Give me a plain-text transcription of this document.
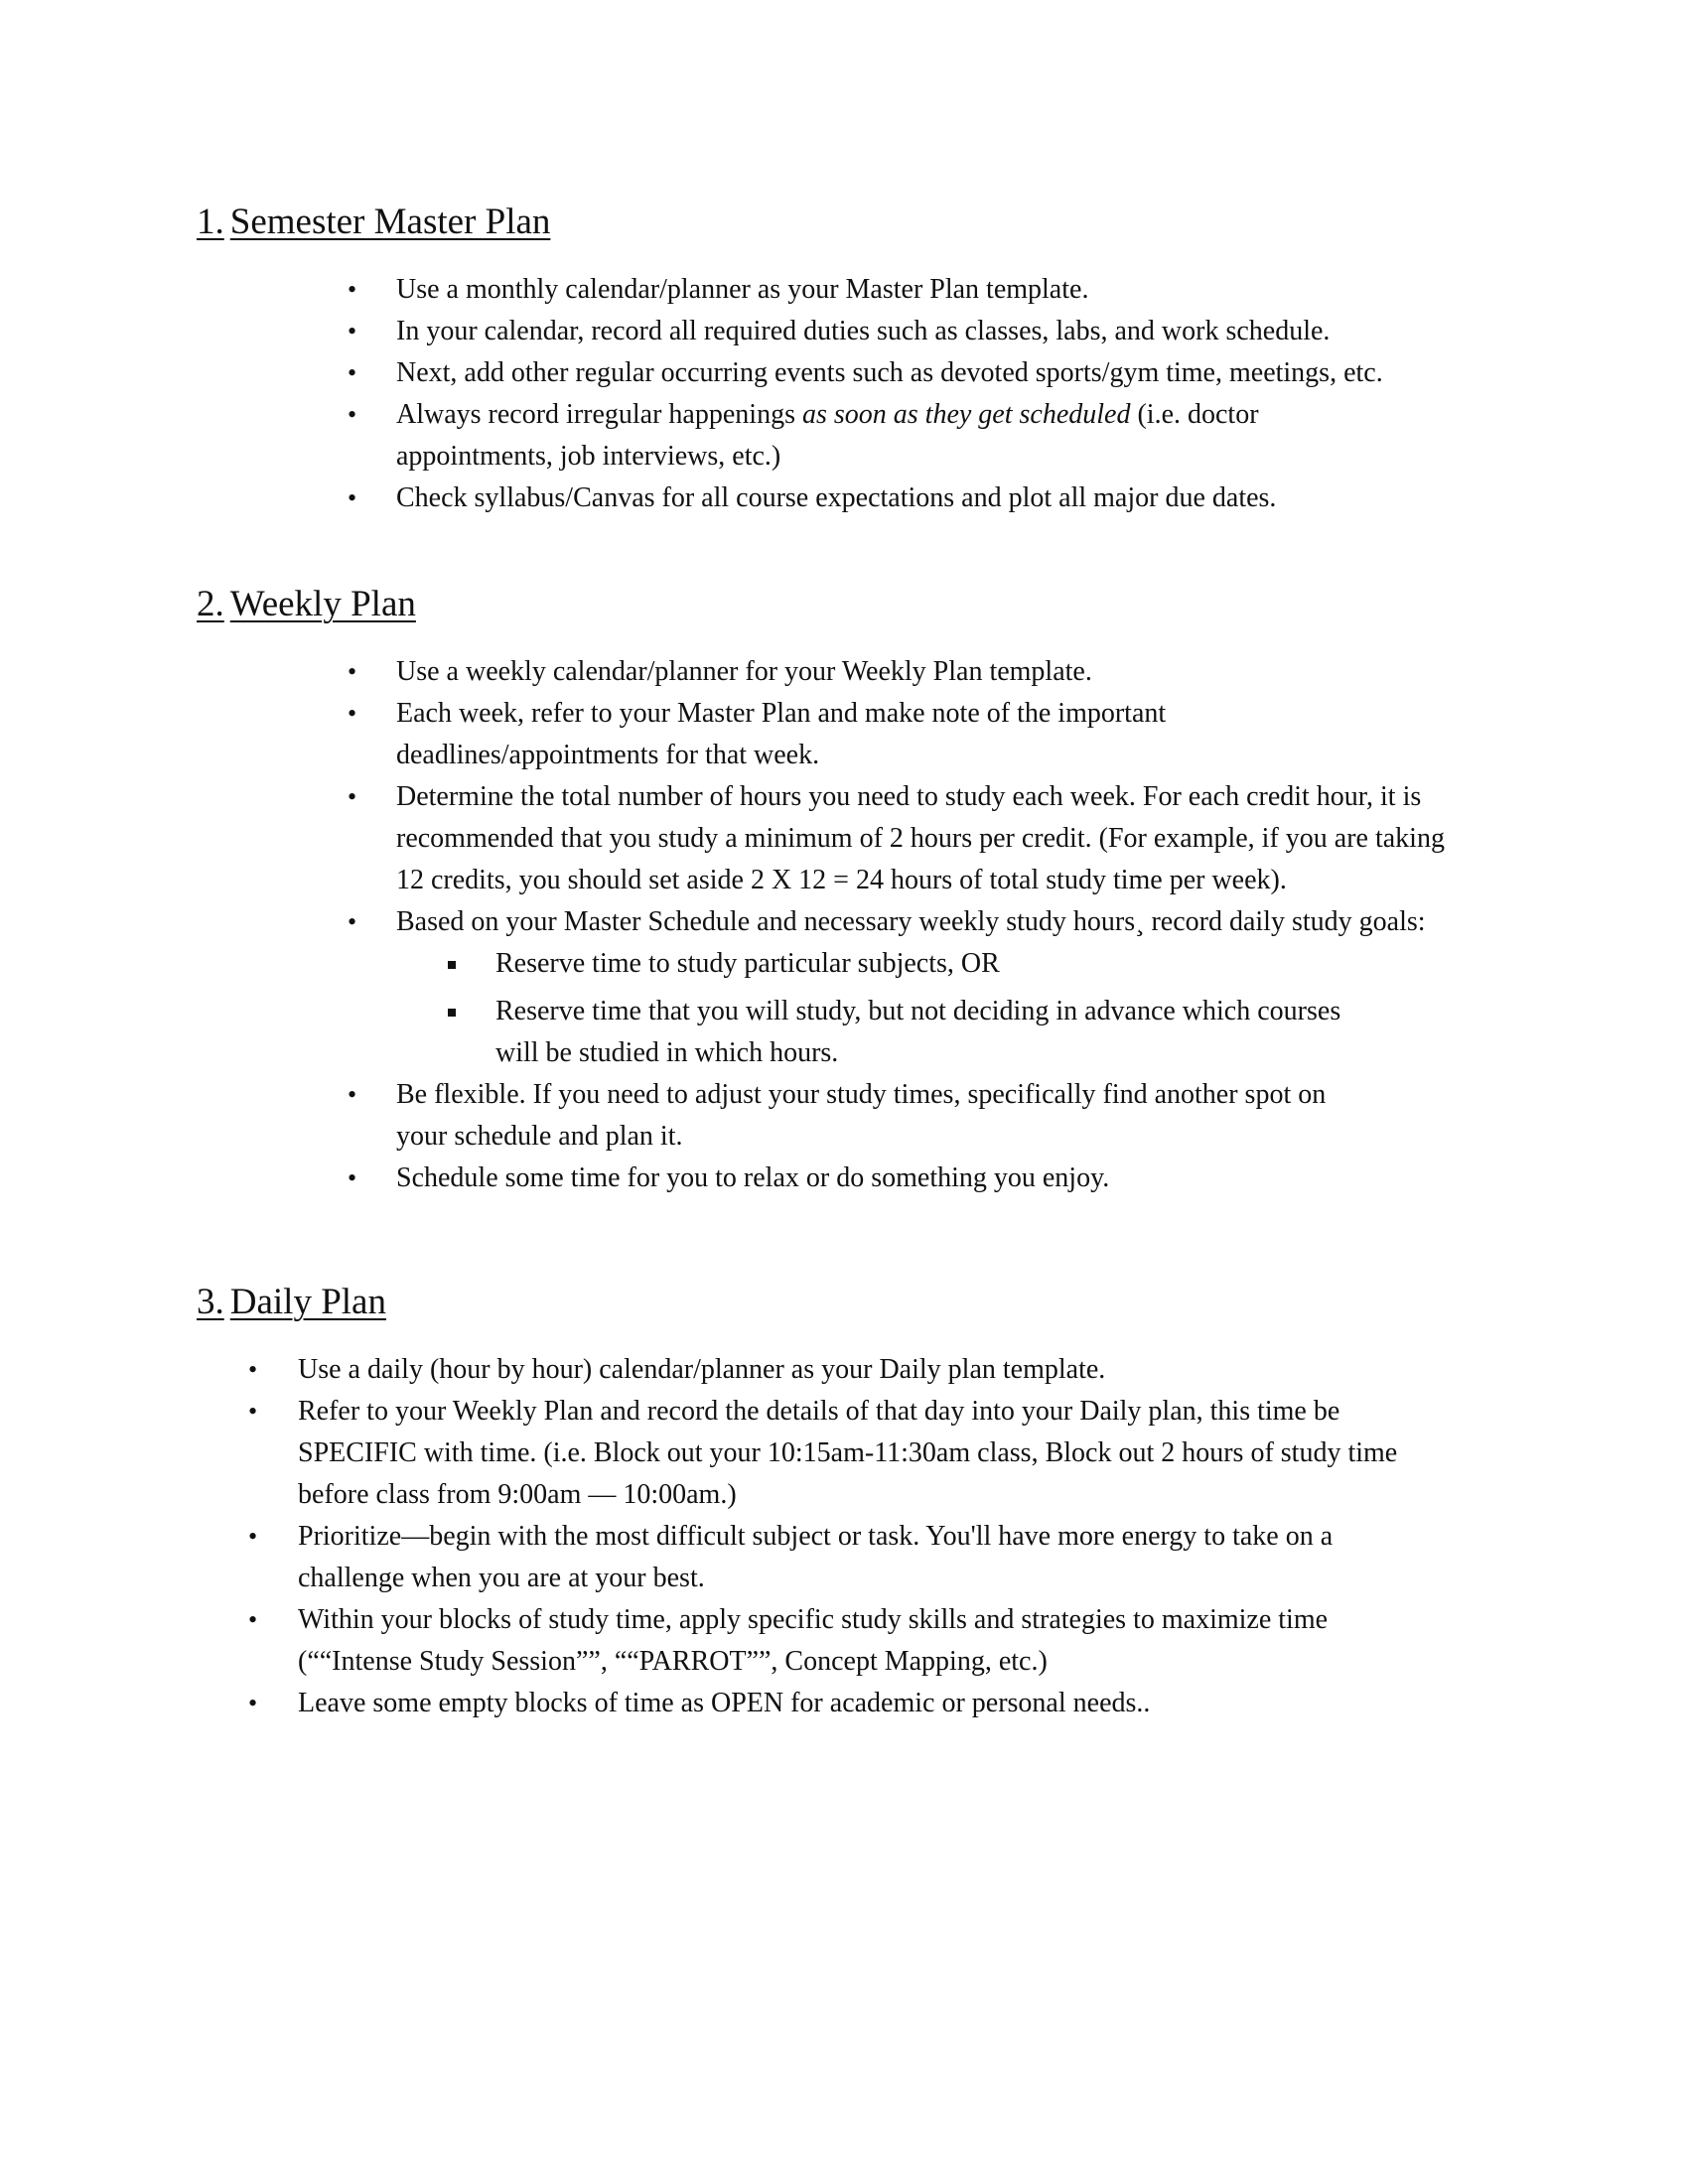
1. Semester Master Plan
• Use a monthly calendar/planner as your Master Plan template.
• In your calendar, record all required duties such as classes, labs, and work schedule.
• Next, add other regular occurring events such as devoted sports/gym time, meetings, etc.
• Always record irregular happenings as soon as they get scheduled (i.e. doctor appointments, job interviews, etc.)
• Check syllabus/Canvas for all course expectations and plot all major due dates.
2. Weekly Plan
• Use a weekly calendar/planner for your Weekly Plan template.
• Each week, refer to your Master Plan and make note of the important deadlines/appointments for that week.
• Determine the total number of hours you need to study each week. For each credit hour, it is recommended that you study a minimum of 2 hours per credit. (For example, if you are taking 12 credits, you should set aside 2 X 12 = 24 hours of total study time per week).
• Based on your Master Schedule and necessary weekly study hours¸ record daily study goals:
Reserve time to study particular subjects, OR
Reserve time that you will study, but not deciding in advance which courses will be studied in which hours.
• Be flexible. If you need to adjust your study times, specifically find another spot on your schedule and plan it.
• Schedule some time for you to relax or do something you enjoy.
3. Daily Plan
• Use a daily (hour by hour) calendar/planner as your Daily plan template.
• Refer to your Weekly Plan and record the details of that day into your Daily plan, this time be SPECIFIC with time. (i.e. Block out your 10:15am-11:30am class, Block out 2 hours of study time before class from 9:00am — 10:00am.)
• Prioritize—begin with the most difficult subject or task. You'll have more energy to take on a challenge when you are at your best.
• Within your blocks of study time, apply specific study skills and strategies to maximize time (““Intense Study Session””, ““PARROT””, Concept Mapping, etc.)
• Leave some empty blocks of time as OPEN for academic or personal needs..
